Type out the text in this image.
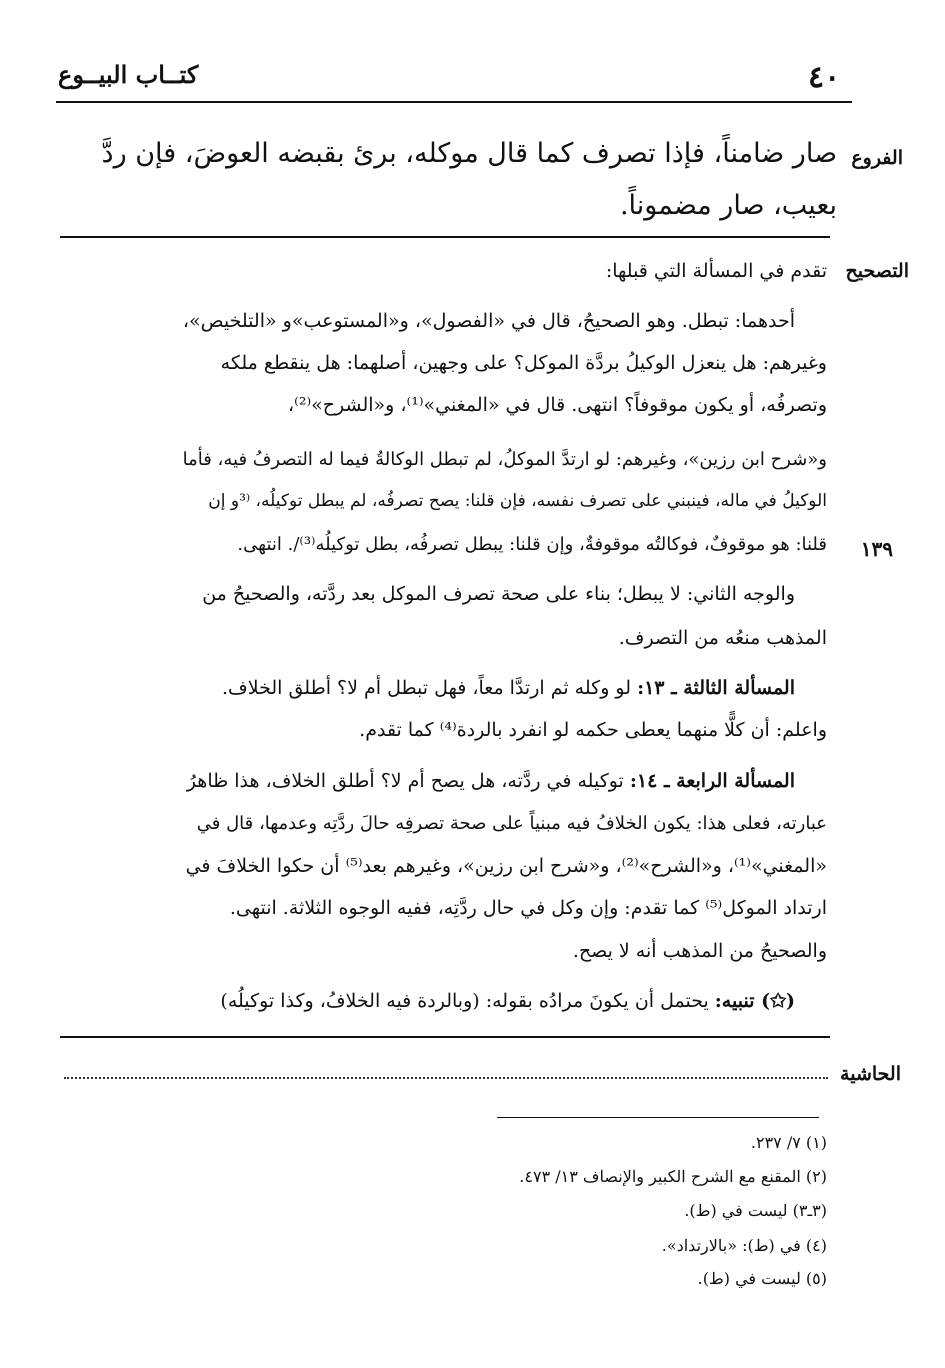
٤٠
كتــاب البيــوع
الفروع
صار ضامناً، فإذا تصرف كما قال موكله، برئ بقبضه العوضَ، فإن ردَّ
بعيب، صار مضموناً.
التصحيح
تقدم في المسألة التي قبلها:
أحدهما: تبطل. وهو الصحيحُ، قال في «الفصول»، و«المستوعب»و «التلخيص»،
وغيرهم: هل ينعزل الوكيلُ بردَّة الموكل؟ على وجهين، أصلهما: هل ينقطع ملكه
وتصرفُه، أو يكون موقوفاً؟ انتهى. قال في «المغني»⁽¹⁾، و«الشرح»⁽²⁾،
و«شرح ابن رزين»، وغيرهم: لو ارتدَّ الموكلُ، لم تبطل الوكالةُ فيما له التصرفُ فيه، فأما
الوكيلُ في ماله، فينبني على تصرف نفسه، فإن قلنا: يصح تصرفُه، لم يبطل توكيلُه، ⁽³و إن
قلنا: هو موقوفٌ، فوكالتُه موقوفةٌ، وإن قلنا: يبطل تصرفُه، بطل توكيلُه⁽³⁾/. انتهى. ١٣٩
والوجه الثاني: لا يبطل؛ بناء على صحة تصرف الموكل بعد ردَّته، والصحيحُ من
المذهب منعُه من التصرف.
المسألة الثالثة ـ ١٣: لو وكله ثم ارتدَّا معاً، فهل تبطل أم لا؟ أطلق الخلاف.
واعلم: أن كلًّا منهما يعطى حكمه لو انفرد بالردة⁽⁴⁾ كما تقدم.
المسألة الرابعة ـ ١٤: توكيله في ردَّته، هل يصح أم لا؟ أطلق الخلاف، هذا ظاهرُ
عبارته، فعلى هذا: يكون الخلافُ فيه مبنياً على صحة تصرفِه حالَ ردَّتِه وعدمها، قال في
«المغني»⁽¹⁾، و«الشرح»⁽²⁾، و«شرح ابن رزين»، وغيرهم بعد⁽⁵⁾ أن حكوا الخلافَ في
ارتداد الموكل⁽⁵⁾ كما تقدم: وإن وكل في حال ردَّتِه، ففيه الوجوه الثلاثة. انتهى.
والصحيحُ من المذهب أنه لا يصح.
(✩) تنبيه: يحتمل أن يكونَ مرادُه بقوله: (وبالردة فيه الخلافُ، وكذا توكيلُه)
الحاشية
(١) ٧/ ٢٣٧.
(٢) المقنع مع الشرح الكبير والإنصاف ١٣/ ٤٧٣.
(٣ـ٣) ليست في (ط).
(٤) في (ط): «بالارتداد».
(٥) ليست في (ط).
